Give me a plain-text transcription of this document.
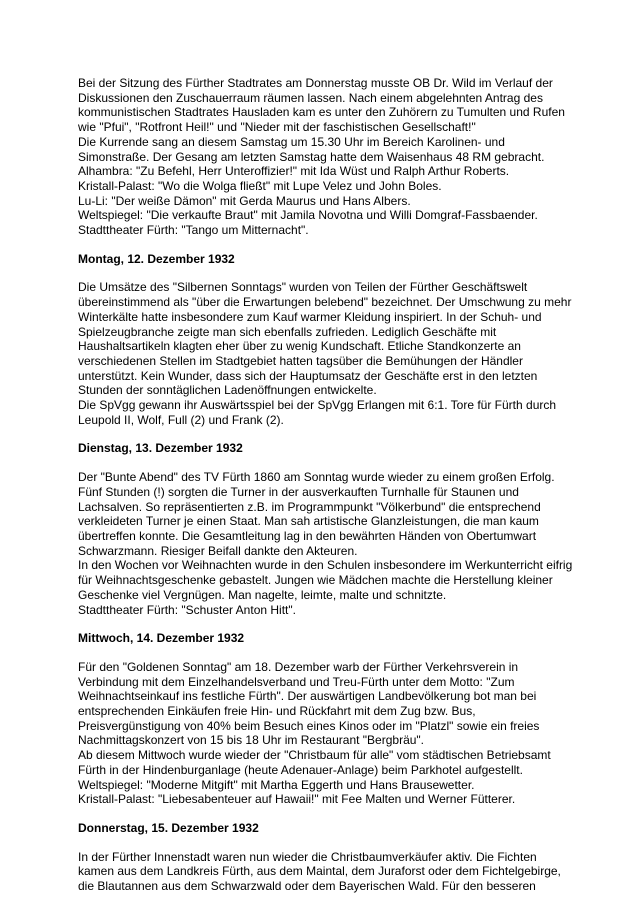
Bei der Sitzung des Fürther Stadtrates am Donnerstag musste OB Dr. Wild im Verlauf der
Diskussionen den Zuschauerraum räumen lassen. Nach einem abgelehnten Antrag des
kommunistischen Stadtrates Hausladen kam es unter den Zuhörern zu Tumulten und Rufen
wie "Pfui", "Rotfront Heil!" und "Nieder mit der faschistischen Gesellschaft!"
Die Kurrende sang an diesem Samstag um 15.30 Uhr im Bereich Karolinen- und
Simonstraße. Der Gesang am letzten Samstag hatte dem Waisenhaus 48 RM gebracht.
Alhambra: "Zu Befehl, Herr Unteroffizier!" mit Ida Wüst und Ralph Arthur Roberts.
Kristall-Palast: "Wo die Wolga fließt" mit Lupe Velez und John Boles.
Lu-Li: "Der weiße Dämon" mit Gerda Maurus und Hans Albers.
Weltspiegel: "Die verkaufte Braut" mit Jamila Novotna und Willi Domgraf-Fassbaender.
Stadttheater Fürth: "Tango um Mitternacht".
Montag, 12. Dezember 1932
Die Umsätze des "Silbernen Sonntags" wurden von Teilen der Fürther Geschäftswelt
übereinstimmend als "über die Erwartungen belebend" bezeichnet. Der Umschwung zu mehr
Winterkälte hatte insbesondere zum Kauf warmer Kleidung inspiriert. In der Schuh- und
Spielzeugbranche zeigte man sich ebenfalls zufrieden. Lediglich Geschäfte mit
Haushaltsartikeln klagten eher über zu wenig Kundschaft. Etliche Standkonzerte an
verschiedenen Stellen im Stadtgebiet hatten tagsüber die Bemühungen der Händler
unterstützt. Kein Wunder, dass sich der Hauptumsatz der Geschäfte erst in den letzten
Stunden der sonntäglichen Ladenöffnungen entwickelte.
Die SpVgg gewann ihr Auswärtsspiel bei der SpVgg Erlangen mit 6:1. Tore für Fürth durch
Leupold II, Wolf, Full (2) und Frank (2).
Dienstag, 13. Dezember 1932
Der "Bunte Abend" des TV Fürth 1860 am Sonntag wurde wieder zu einem großen Erfolg.
Fünf Stunden (!) sorgten die Turner in der ausverkauften Turnhalle für Staunen und
Lachsalven. So repräsentierten z.B. im Programmpunkt "Völkerbund" die entsprechend
verkleideten Turner je einen Staat. Man sah artistische Glanzleistungen, die man kaum
übertreffen konnte. Die Gesamtleitung lag in den bewährten Händen von Obertumwart
Schwarzmann. Riesiger Beifall dankte den Akteuren.
In den Wochen vor Weihnachten wurde in den Schulen insbesondere im Werkunterricht eifrig
für Weihnachtsgeschenke gebastelt. Jungen wie Mädchen machte die Herstellung kleiner
Geschenke viel Vergnügen. Man nagelte, leimte, malte und schnitzte.
Stadttheater Fürth: "Schuster Anton Hitt".
Mittwoch, 14. Dezember 1932
Für den "Goldenen Sonntag" am 18. Dezember warb der Fürther Verkehrsverein in
Verbindung mit dem Einzelhandelsverband und Treu-Fürth unter dem Motto: "Zum
Weihnachtseinkauf ins festliche Fürth". Der auswärtigen Landbevölkerung bot man bei
entsprechenden Einkäufen freie Hin- und Rückfahrt mit dem Zug bzw. Bus,
Preisvergünstigung von 40% beim Besuch eines Kinos oder im "Platzl" sowie ein freies
Nachmittagskonzert von 15 bis 18 Uhr im Restaurant "Bergbräu".
Ab diesem Mittwoch wurde wieder der "Christbaum für alle" vom städtischen Betriebsamt
Fürth in der Hindenburganlage (heute Adenauer-Anlage) beim Parkhotel aufgestellt.
Weltspiegel: "Moderne Mitgift" mit Martha Eggerth und Hans Brausewetter.
Kristall-Palast: "Liebesabenteuer auf Hawaii!" mit Fee Malten und Werner Fütterer.
Donnerstag, 15. Dezember 1932
In der Fürther Innenstadt waren nun wieder die Christbaumverkäufer aktiv. Die Fichten
kamen aus dem Landkreis Fürth, aus dem Maintal, dem Juraforst oder dem Fichtelgebirge,
die Blautannen aus dem Schwarzwald oder dem Bayerischen Wald. Für den besseren
